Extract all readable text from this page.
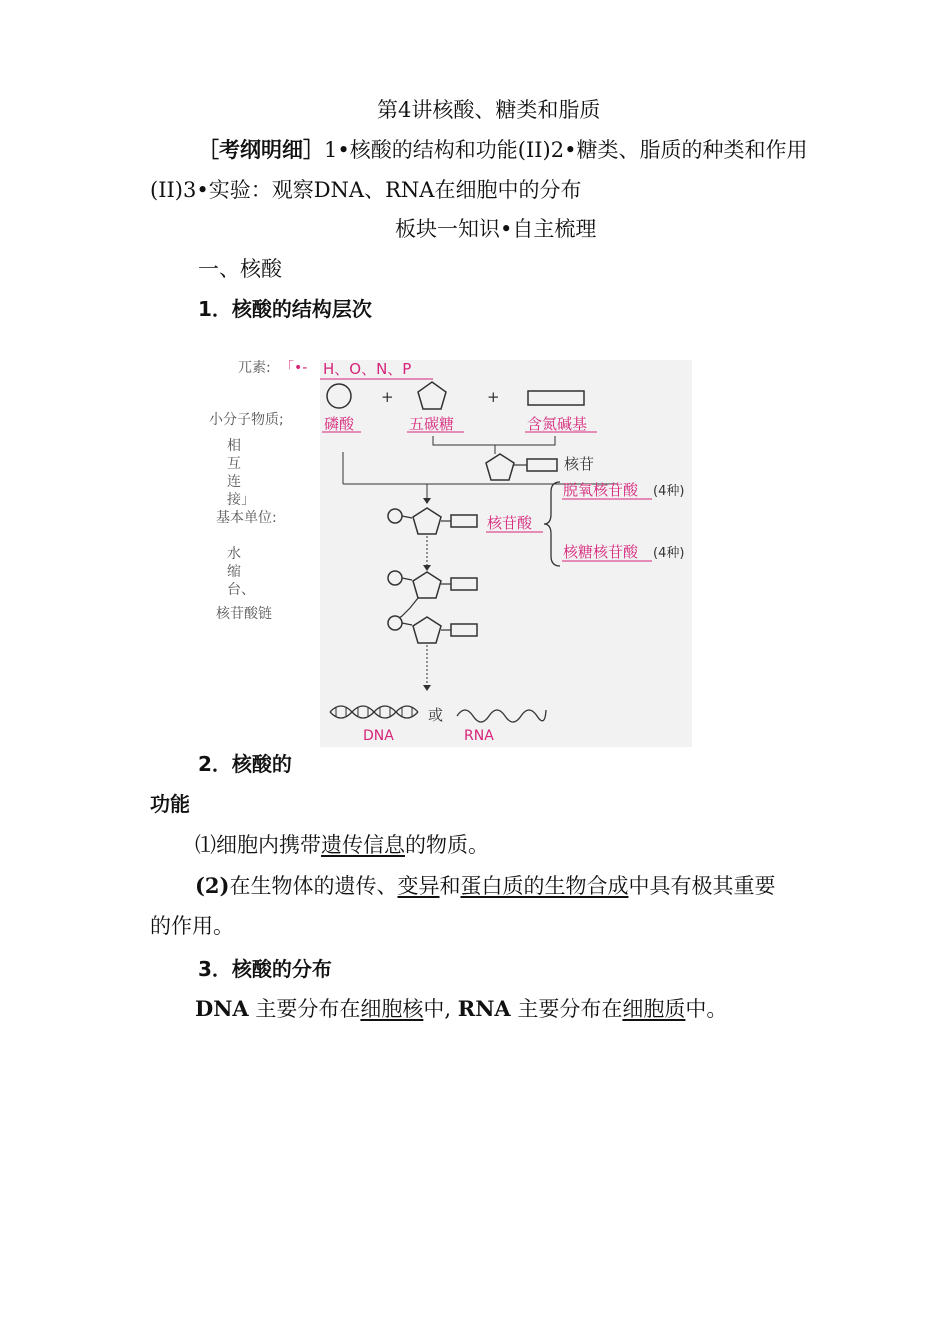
第4讲核酸、糖类和脂质
［考纲明细］1•核酸的结构和功能(II)2•糖类、脂质的种类和作用
(II)3•实验：观察DNA、RNA在细胞中的分布
板块一知识•自主梳理
一、核酸
1．核酸的结构层次
兀素: 「•-
小分子物质;
相
互
连
接」
基本单位:
水
缩
台、
核苷酸链
H、O、N、P
+	+
磷酸	五碳糖	含氮碱基
核苷
核苷酸
脱氧核苷酸 (4种)
核糖核苷酸 (4种)
或
DNA	RNA
2．核酸的
功能
⑴细胞内携带遗传信息的物质。
(2)在生物体的遗传、变异和蛋白质的生物合成中具有极其重要
的作用。
3．核酸的分布
DNA 主要分布在细胞核中, RNA 主要分布在细胞质中。
